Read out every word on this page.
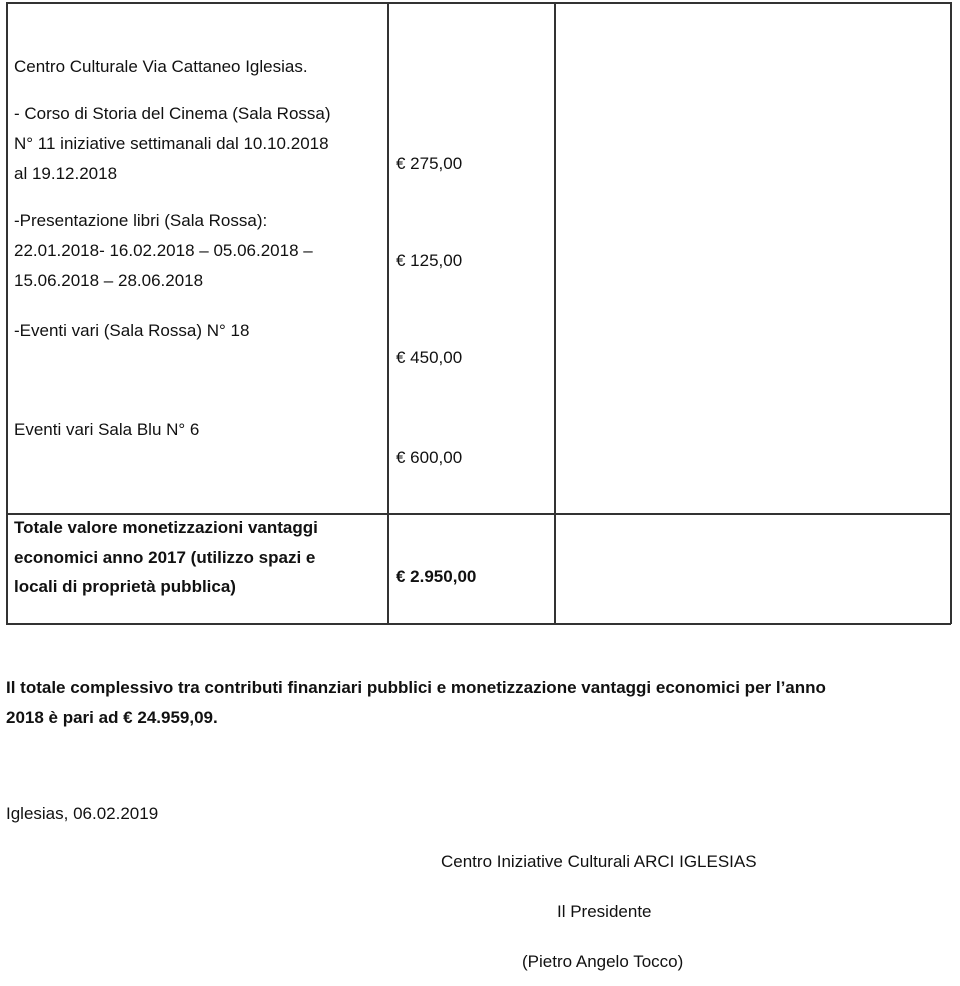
Centro Culturale Via Cattaneo Iglesias.
- Corso di Storia del Cinema (Sala Rossa)
N° 11 iniziative settimanali dal 10.10.2018
al 19.12.2018
-Presentazione libri (Sala Rossa):
22.01.2018- 16.02.2018 – 05.06.2018 –
15.06.2018 – 28.06.2018
-Eventi vari (Sala Rossa) N° 18
Eventi vari Sala Blu N° 6
€ 275,00
€ 125,00
€ 450,00
€ 600,00
Totale valore monetizzazioni vantaggi
economici anno 2017 (utilizzo spazi e
locali di proprietà pubblica)
€ 2.950,00
Il totale complessivo tra contributi finanziari pubblici e monetizzazione vantaggi economici per l’anno
2018 è pari ad € 24.959,09.
Iglesias, 06.02.2019
Centro Iniziative Culturali ARCI IGLESIAS
Il Presidente
(Pietro Angelo Tocco)
